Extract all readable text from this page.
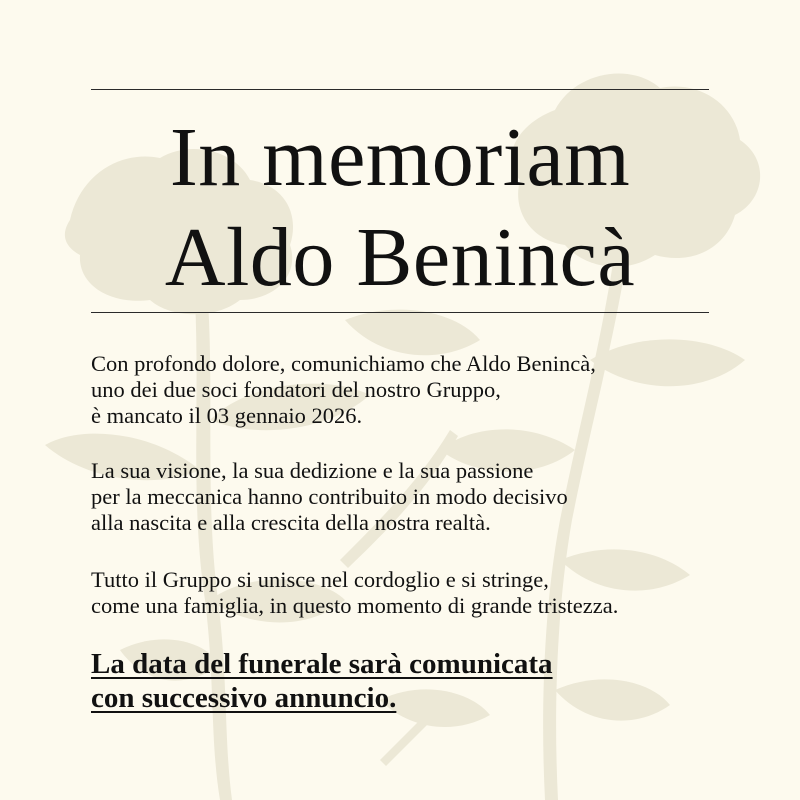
In memoriam
Aldo Benincà
Con profondo dolore, comunichiamo che Aldo Benincà,
uno dei due soci fondatori del nostro Gruppo,
è mancato il 03 gennaio 2026.
La sua visione, la sua dedizione e la sua passione
per la meccanica hanno contribuito in modo decisivo
alla nascita e alla crescita della nostra realtà.
Tutto il Gruppo si unisce nel cordoglio e si stringe,
come una famiglia, in questo momento di grande tristezza.
La data del funerale sarà comunicata
con successivo annuncio.
